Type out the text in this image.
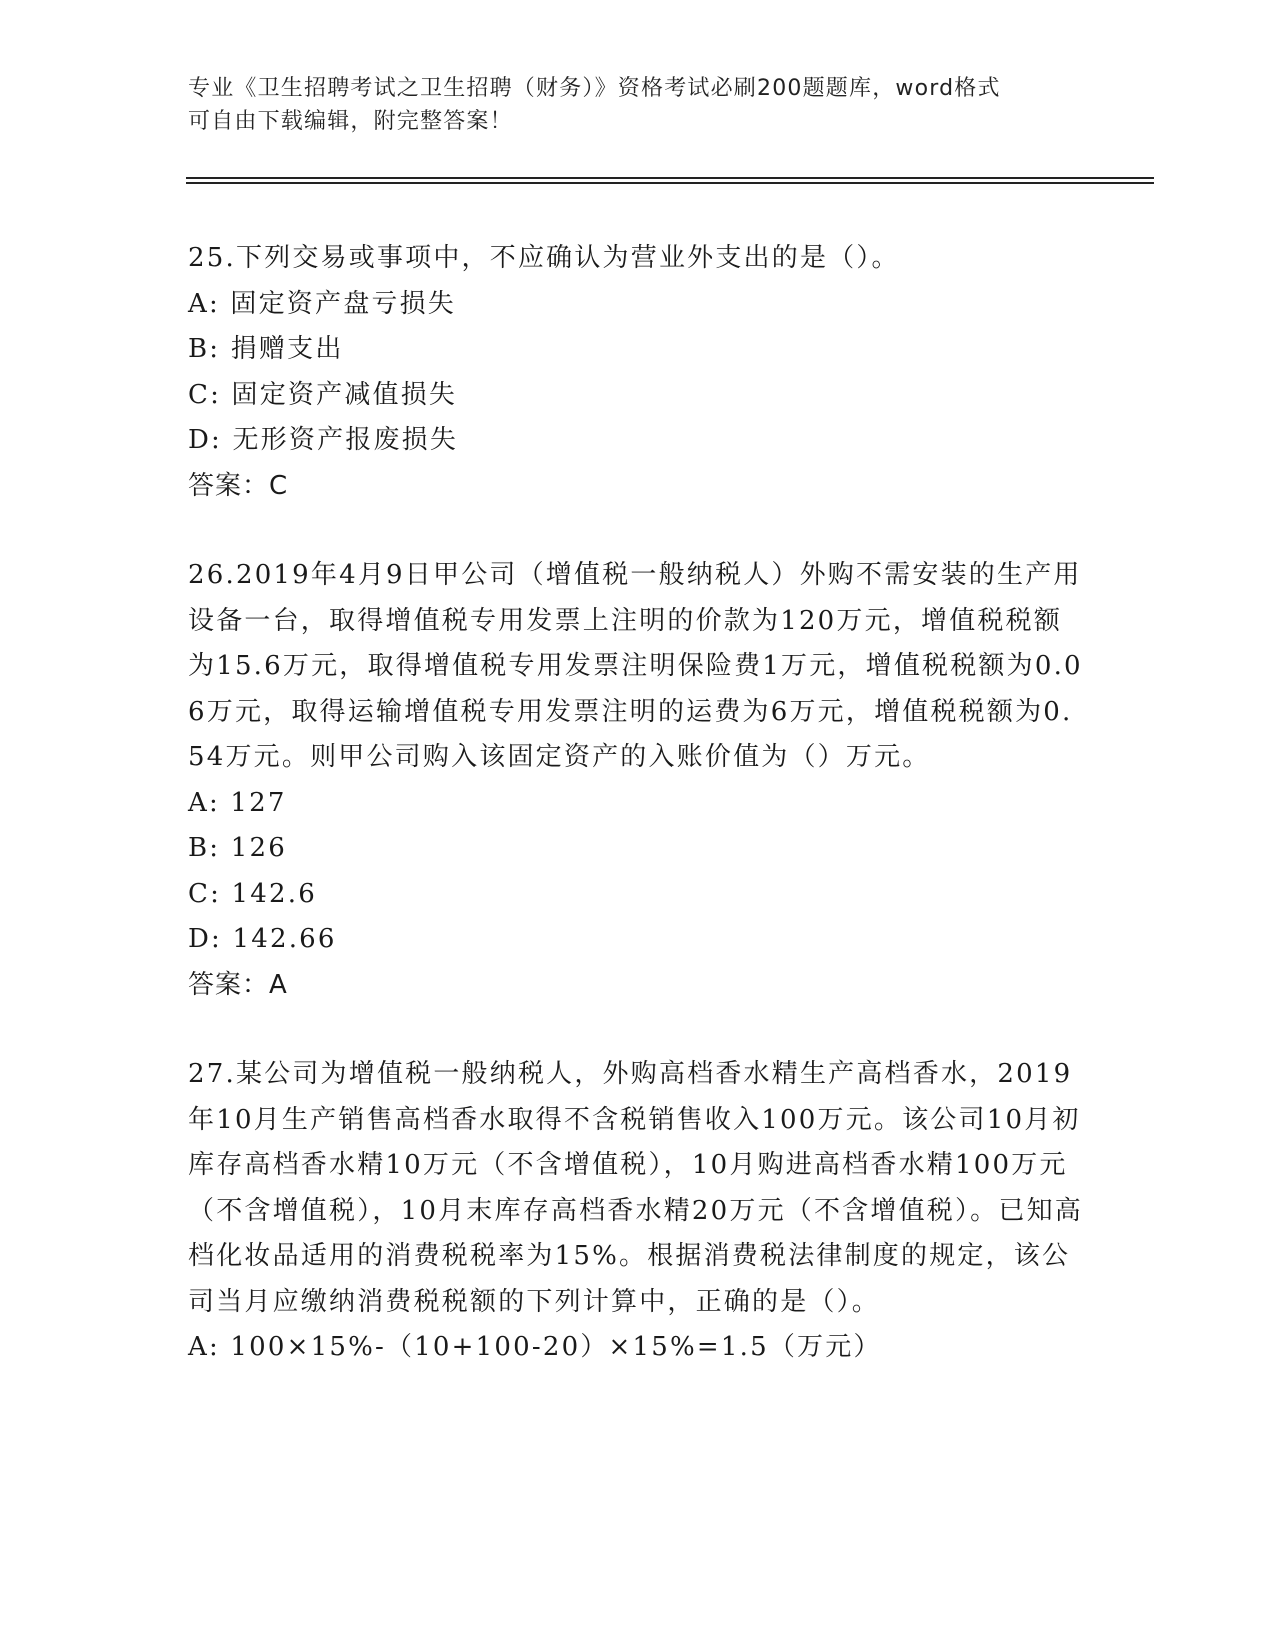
专业《卫生招聘考试之卫生招聘（财务）》资格考试必刷200题题库，word格式
可自由下载编辑，附完整答案！

25.下列交易或事项中，不应确认为营业外支出的是（）。

A: 固定资产盘亏损失

B: 捐赠支出

C: 固定资产减值损失

D: 无形资产报废损失

答案：C

26.2019年4月9日甲公司（增值税一般纳税人）外购不需安装的生产用设备一台，取得增值税专用发票上注明的价款为120万元，增值税税额为15.6万元，取得增值税专用发票注明保险费1万元，增值税税额为0.06万元，取得运输增值税专用发票注明的运费为6万元，增值税税额为0.54万元。则甲公司购入该固定资产的入账价值为（）万元。

A: 127

B: 126

C: 142.6

D: 142.66

答案：A

27.某公司为增值税一般纳税人，外购高档香水精生产高档香水，2019年10月生产销售高档香水取得不含税销售收入100万元。该公司10月初库存高档香水精10万元（不含增值税），10月购进高档香水精100万元（不含增值税），10月末库存高档香水精20万元（不含增值税）。已知高档化妆品适用的消费税税率为15%。根据消费税法律制度的规定，该公司当月应缴纳消费税税额的下列计算中，正确的是（）。

A: 100×15%-（10+100-20）×15%=1.5（万元）
